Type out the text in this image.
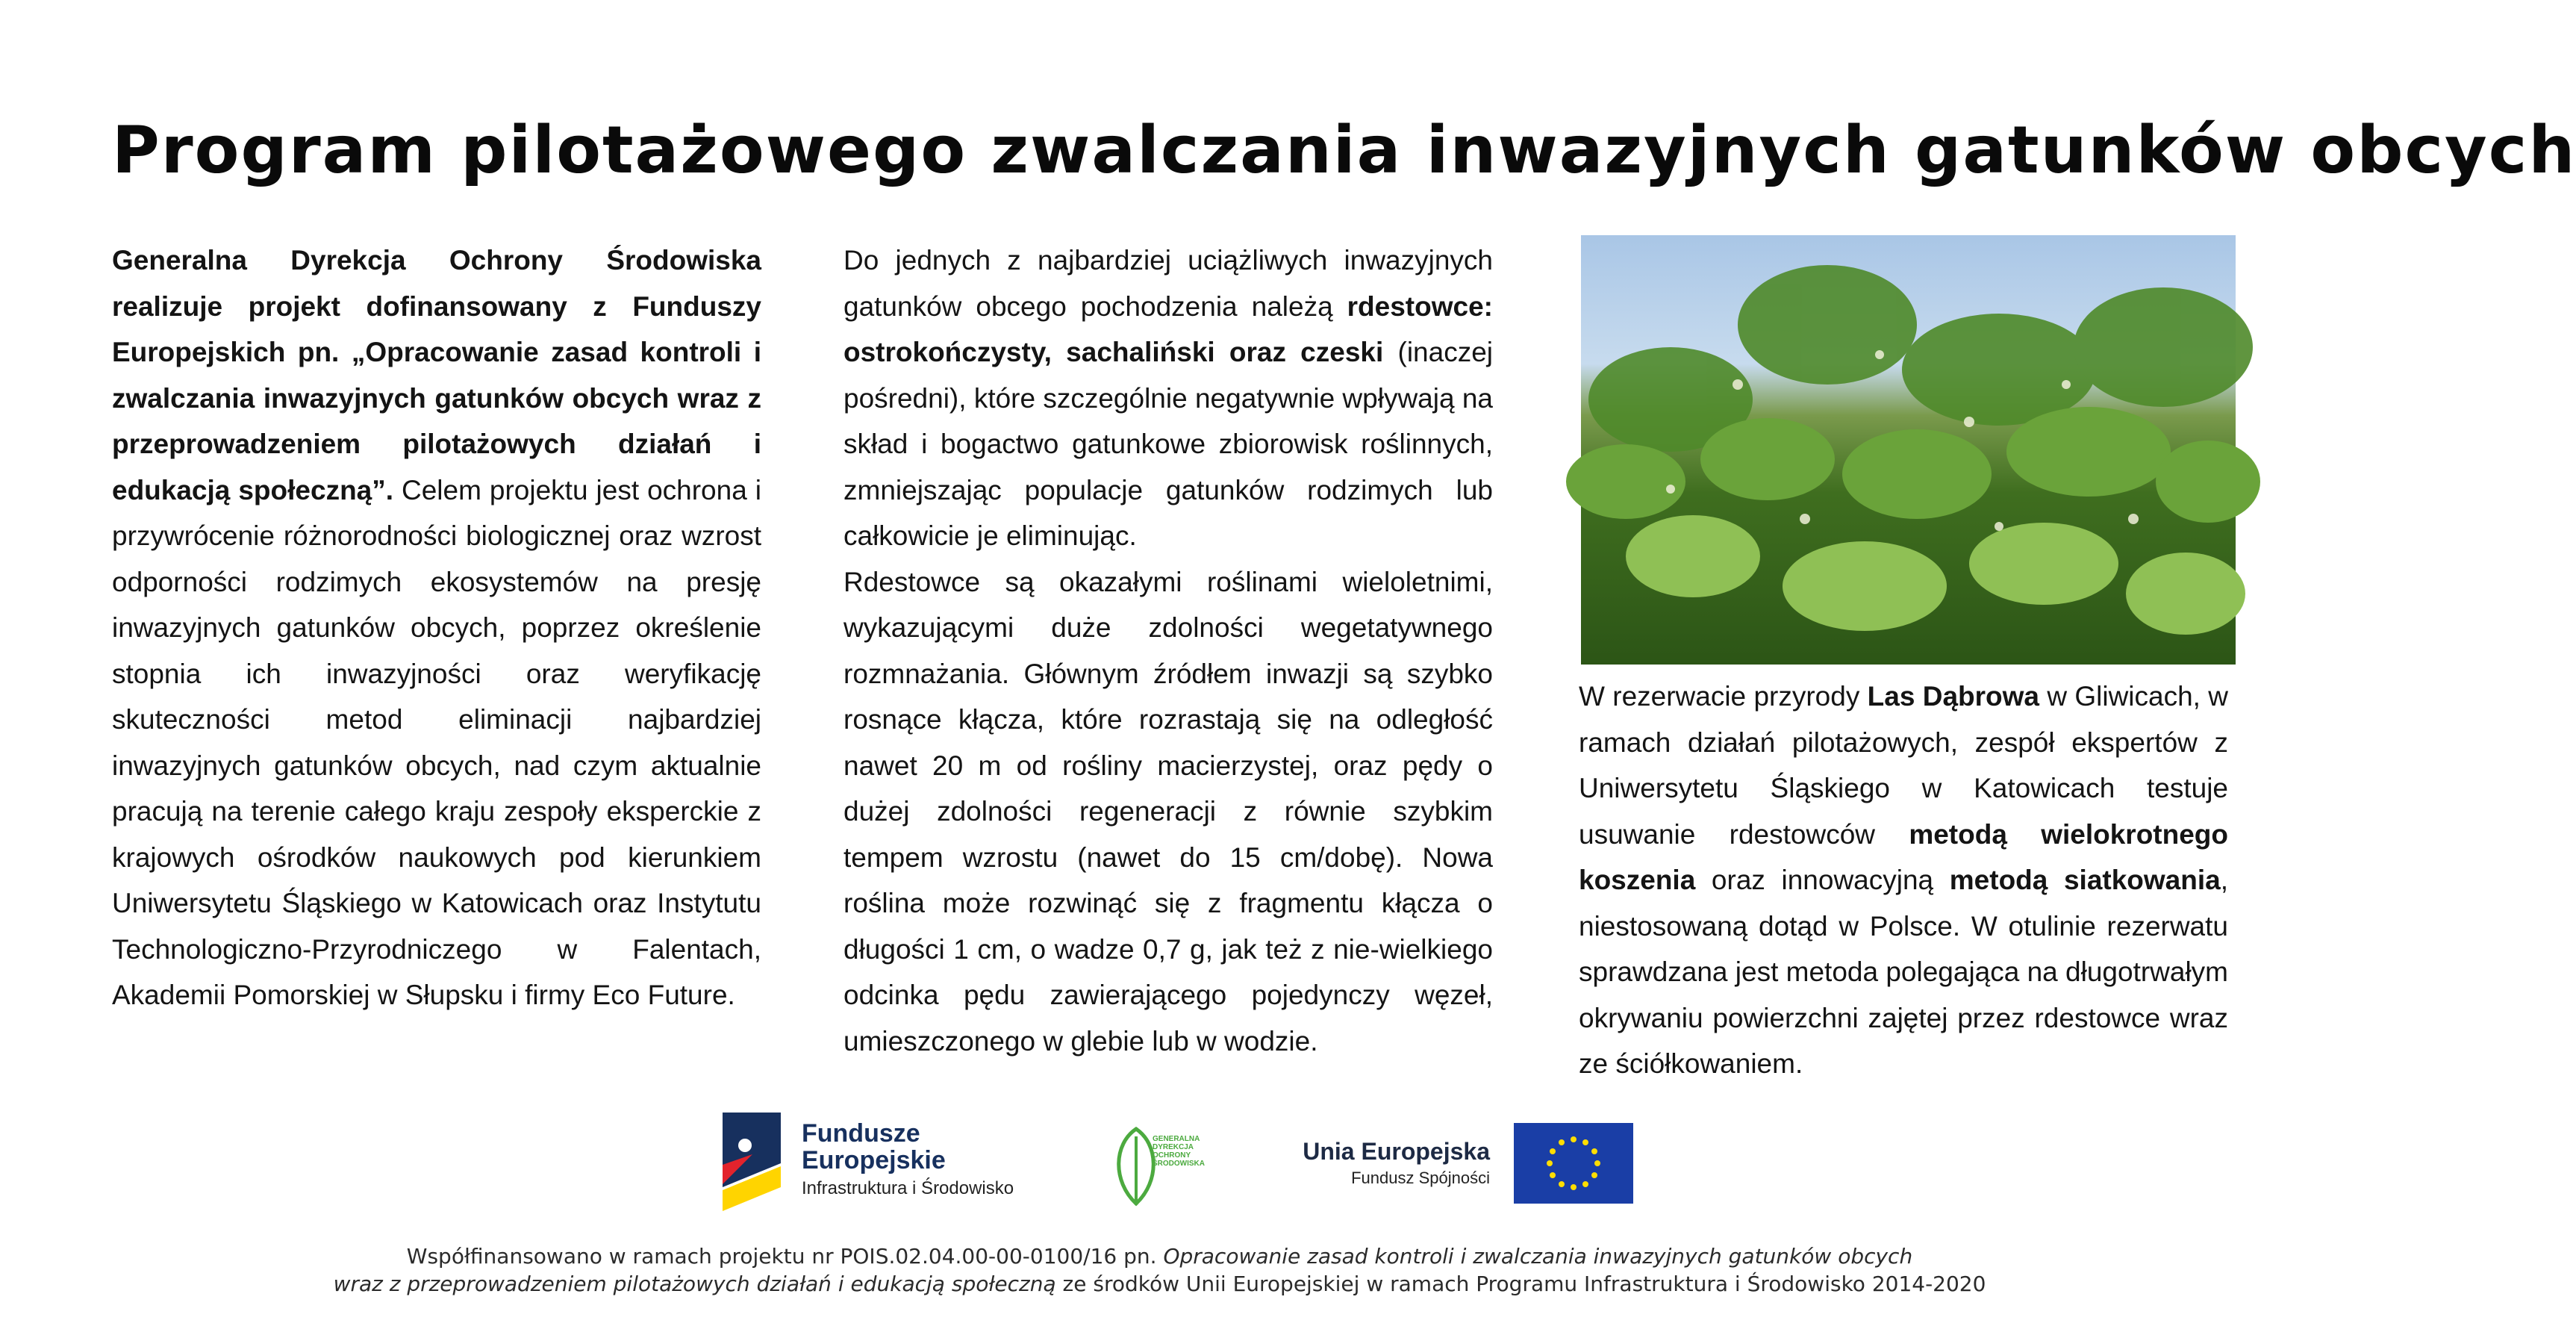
Program pilotażowego zwalczania inwazyjnych gatunków obcych

Generalna Dyrekcja Ochrony Środowiska realizuje projekt dofinansowany z Funduszy Europejskich pn. „Opracowanie zasad kontroli i zwalczania inwazyjnych gatunków obcych wraz z przeprowadzeniem pilotażowych działań i edukacją społeczną”. Celem projektu jest ochrona i przywrócenie różnorodności biologicznej oraz wzrost odporności rodzimych ekosystemów na presję inwazyjnych gatunków obcych, poprzez określenie stopnia ich inwazyjności oraz weryfikację skuteczności metod eliminacji najbardziej inwazyjnych gatunków obcych, nad czym aktualnie pracują na terenie całego kraju zespoły eksperckie z krajowych ośrodków naukowych pod kierunkiem Uniwersytetu Śląskiego w Katowicach oraz Instytutu Technologiczno-Przyrodniczego w Falentach, Akademii Pomorskiej w Słupsku i firmy Eco Future.

Do jednych z najbardziej uciążliwych inwazyjnych gatunków obcego pochodzenia należą rdestowce: ostrokończysty, sachaliński oraz czeski (inaczej pośredni), które szczególnie negatywnie wpływają na skład i bogactwo gatunkowe zbiorowisk roślinnych, zmniejszając populacje gatunków rodzimych lub całkowicie je eliminując.

Rdestowce są okazałymi roślinami wieloletnimi, wykazującymi duże zdolności wegetatywnego rozmnażania. Głównym źródłem inwazji są szybko rosnące kłącza, które rozrastają się na odległość nawet 20 m od rośliny macierzystej, oraz pędy o dużej zdolności regeneracji z równie szybkim tempem wzrostu (nawet do 15 cm/dobę). Nowa roślina może rozwinąć się z fragmentu kłącza o długości 1 cm, o wadze 0,7 g, jak też z nie-wielkiego odcinka pędu zawierającego pojedynczy węzeł, umieszczonego w glebie lub w wodzie.

W rezerwacie przyrody Las Dąbrowa w Gliwicach, w ramach działań pilotażowych, zespół ekspertów z Uniwersytetu Śląskiego w Katowicach testuje usuwanie rdestowców metodą wielokrotnego koszenia oraz innowacyjną metodą siatkowania, niestosowaną dotąd w Polsce. W otulinie rezerwatu sprawdzana jest metoda polegająca na długotrwałym okrywaniu powierzchni zajętej przez rdestowce wraz ze ściółkowaniem.

Fundusze
Europejskie
Infrastruktura i Środowisko
GENERALNA DYREKCJA OCHRONY ŚRODOWISKA	Unia Europejska
Fundusz Spójności
Współfinansowano w ramach projektu nr POIS.02.04.00-00-0100/16 pn. Opracowanie zasad kontroli i zwalczania inwazyjnych gatunków obcych
wraz z przeprowadzeniem pilotażowych działań i edukacją społeczną ze środków Unii Europejskiej w ramach Programu Infrastruktura i Środowisko 2014-2020
